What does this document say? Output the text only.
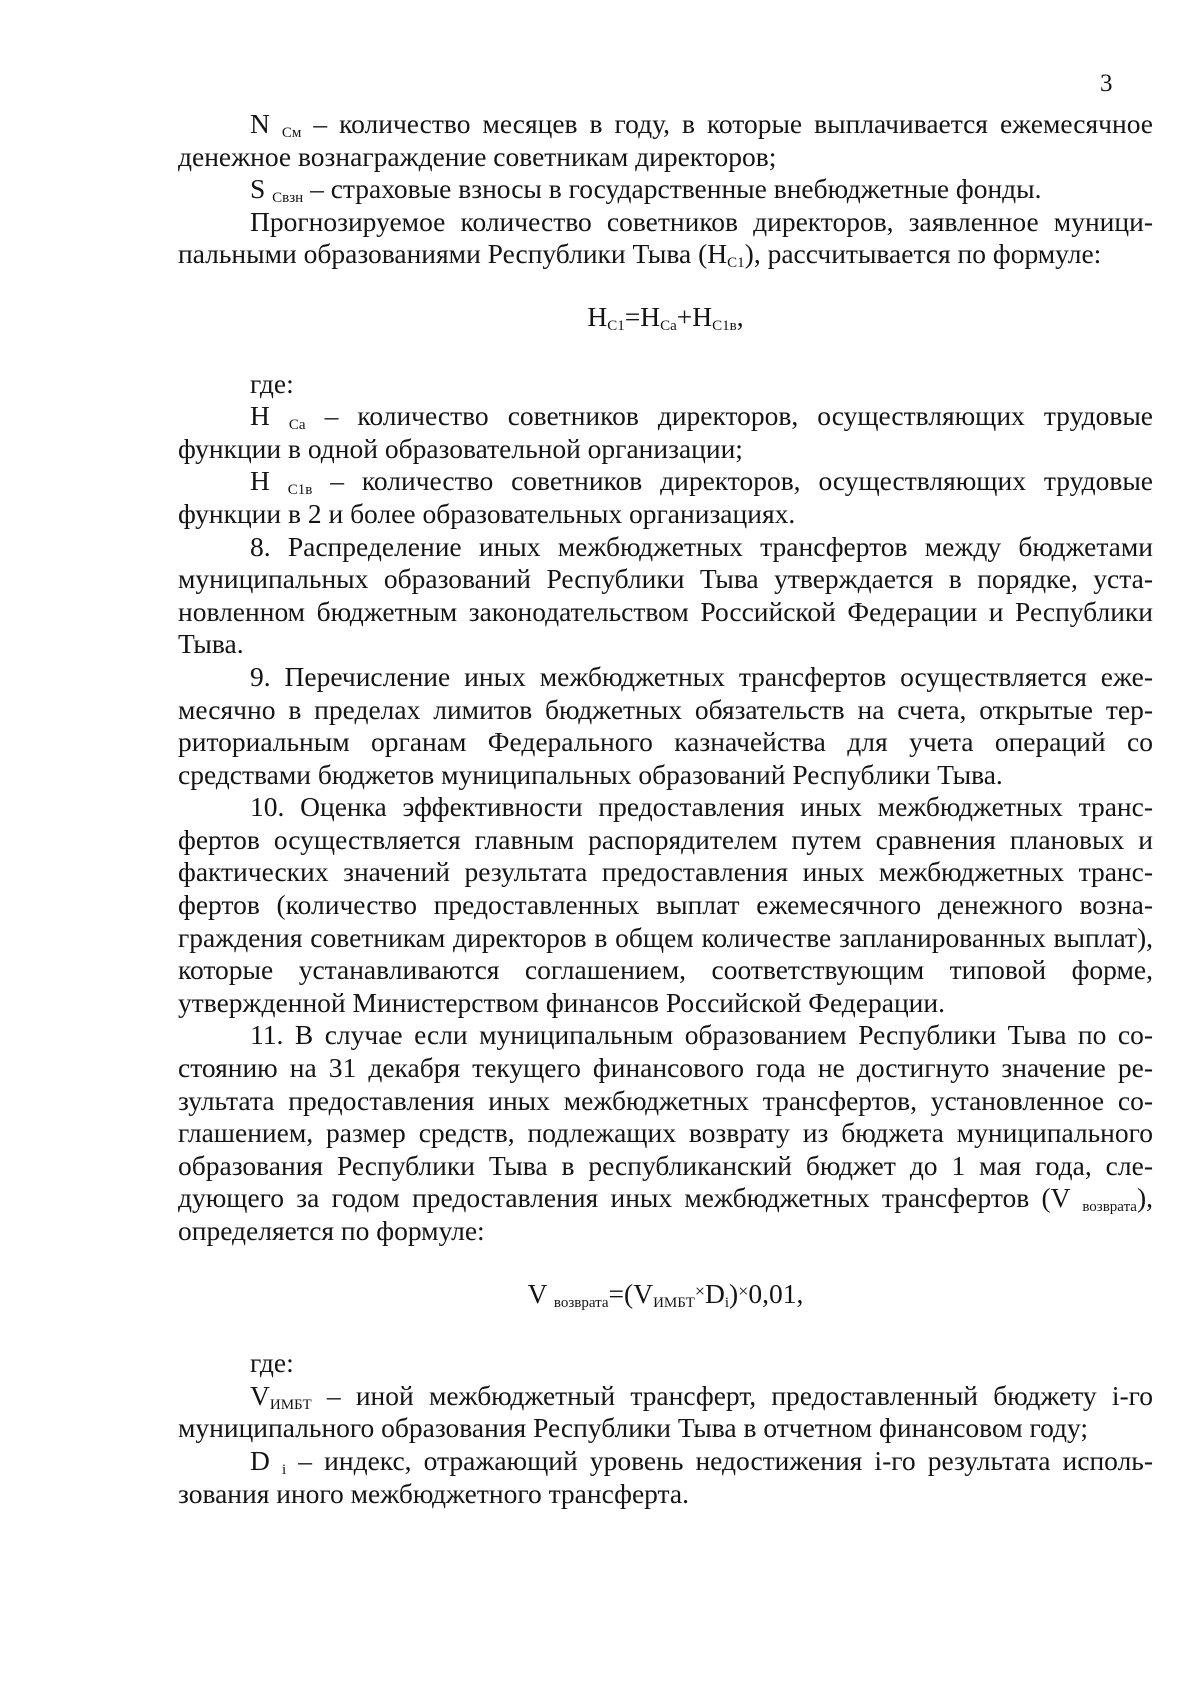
3

N См – количество месяцев в году, в которые выплачивается ежемесячное денежное вознаграждение советникам директоров;

S Свзн – страховые взносы в государственные внебюджетные фонды.

Прогнозируемое количество советников директоров, заявленное муниципальными образованиями Республики Тыва (НС1), рассчитывается по формуле:

НС1=НСа+НС1в,

где:

Н Са – количество советников директоров, осуществляющих трудовые функции в одной образовательной организации;

Н С1в – количество советников директоров, осуществляющих трудовые функции в 2 и более образовательных организациях.

8. Распределение иных межбюджетных трансфертов между бюджетами муниципальных образований Республики Тыва утверждается в порядке, установленном бюджетным законодательством Российской Федерации и Республики Тыва.

9. Перечисление иных межбюджетных трансфертов осуществляется ежемесячно в пределах лимитов бюджетных обязательств на счета, открытые территориальным органам Федерального казначейства для учета операций со средствами бюджетов муниципальных образований Республики Тыва.

10. Оценка эффективности предоставления иных межбюджетных трансфертов осуществляется главным распорядителем путем сравнения плановых и фактических значений результата предоставления иных межбюджетных трансфертов (количество предоставленных выплат ежемесячного денежного вознаграждения советникам директоров в общем количестве запланированных выплат), которые устанавливаются соглашением, соответствующим типовой форме, утвержденной Министерством финансов Российской Федерации.

11. В случае если муниципальным образованием Республики Тыва по состоянию на 31 декабря текущего финансового года не достигнуто значение результата предоставления иных межбюджетных трансфертов, установленное соглашением, размер средств, подлежащих возврату из бюджета муниципального образования Республики Тыва в республиканский бюджет до 1 мая года, следующего за годом предоставления иных межбюджетных трансфертов (V возврата), определяется по формуле:

V возврата=(VИМБТ×Di)×0,01,

где:

VИМБТ – иной межбюджетный трансферт, предоставленный бюджету i-го муниципального образования Республики Тыва в отчетном финансовом году;

D i – индекс, отражающий уровень недостижения i-го результата использования иного межбюджетного трансферта.
